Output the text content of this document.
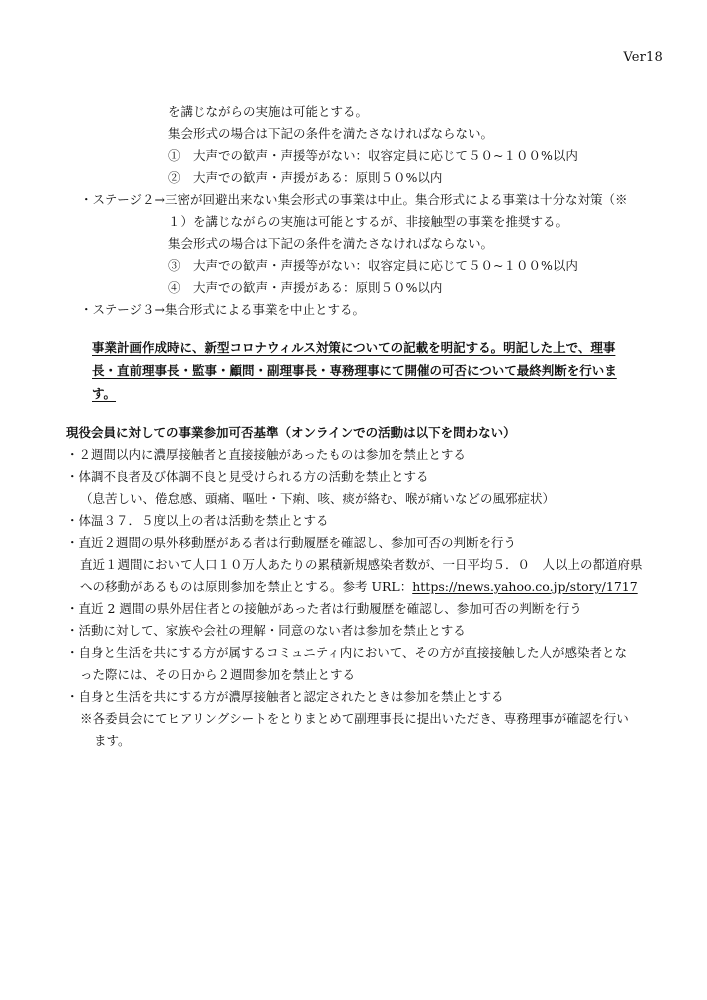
Ver18
を講じながらの実施は可能とする。
集会形式の場合は下記の条件を満たさなければならない。
①　大声での歓声・声援等がない：収容定員に応じて５０~１００%以内
②　大声での歓声・声援がある：原則５０%以内
・ステージ２→三密が回避出来ない集会形式の事業は中止。集合形式による事業は十分な対策（※
１）を講じながらの実施は可能とするが、非接触型の事業を推奨する。
集会形式の場合は下記の条件を満たさなければならない。
③　大声での歓声・声援等がない：収容定員に応じて５０~１００%以内
④　大声での歓声・声援がある：原則５０%以内
・ステージ３→集合形式による事業を中止とする。
事業計画作成時に、新型コロナウィルス対策についての記載を明記する。明記した上で、理事
長・直前理事長・監事・顧問・副理事長・専務理事にて開催の可否について最終判断を行いま
す。
現役会員に対しての事業参加可否基準（オンラインでの活動は以下を問わない）
・２週間以内に濃厚接触者と直接接触があったものは参加を禁止とする
・体調不良者及び体調不良と見受けられる方の活動を禁止とする
（息苦しい、倦怠感、頭痛、嘔吐・下痢、咳、痰が絡む、喉が痛いなどの風邪症状）
・体温３７．５度以上の者は活動を禁止とする
・直近２週間の県外移動歴がある者は行動履歴を確認し、参加可否の判断を行う
直近１週間において人口１０万人あたりの累積新規感染者数が、一日平均５．０　人以上の都道府県
への移動があるものは原則参加を禁止とする。参考 URL：https://news.yahoo.co.jp/story/1717
・直近 2 週間の県外居住者との接触があった者は行動履歴を確認し、参加可否の判断を行う
・活動に対して、家族や会社の理解・同意のない者は参加を禁止とする
・自身と生活を共にする方が属するコミュニティ内において、その方が直接接触した人が感染者とな
った際には、その日から２週間参加を禁止とする
・自身と生活を共にする方が濃厚接触者と認定されたときは参加を禁止とする
※各委員会にてヒアリングシートをとりまとめて副理事長に提出いただき、専務理事が確認を行い
ます。
